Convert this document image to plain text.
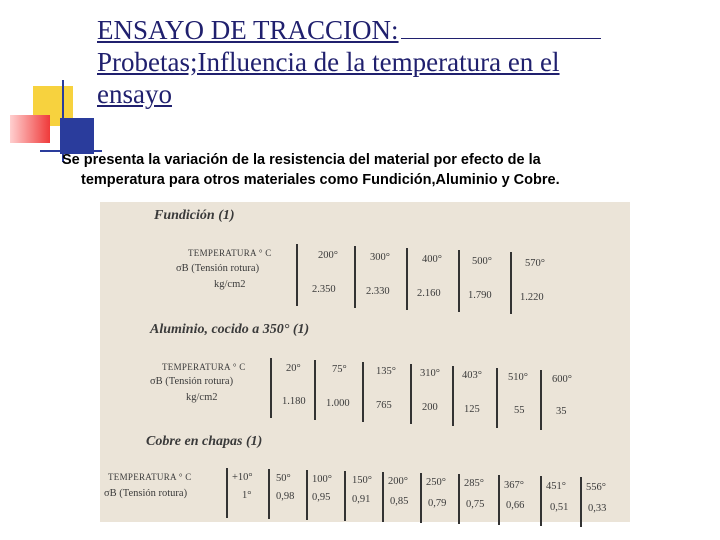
ENSAYO DE TRACCION:
Probetas;Influencia de la temperatura en el
ensayo
Se presenta la variación de la resistencia del material por efecto de la
temperatura para otros materiales como Fundición,Aluminio y Cobre.
Fundición (1)
TEMPERATURA ° C
σB (Tensión rotura)
kg/cm2
200°	300°	400°	500°	570°
2.350	2.330	2.160	1.790	1.220
Aluminio, cocido a 350° (1)
TEMPERATURA ° C
σB (Tensión rotura)
kg/cm2
20°	75°	135° 310° 403° 510° 600°
1.180 1.000	765	200	125	55	35
Cobre en chapas (1)
TEMPERATURA ° C
σB (Tensión rotura)
+10° 50° 100° 150° 200° 250° 285° 367° 451° 556°
1° 0,98 0,95 0,91 0,85 0,79 0,75 0,66 0,51 0,33
